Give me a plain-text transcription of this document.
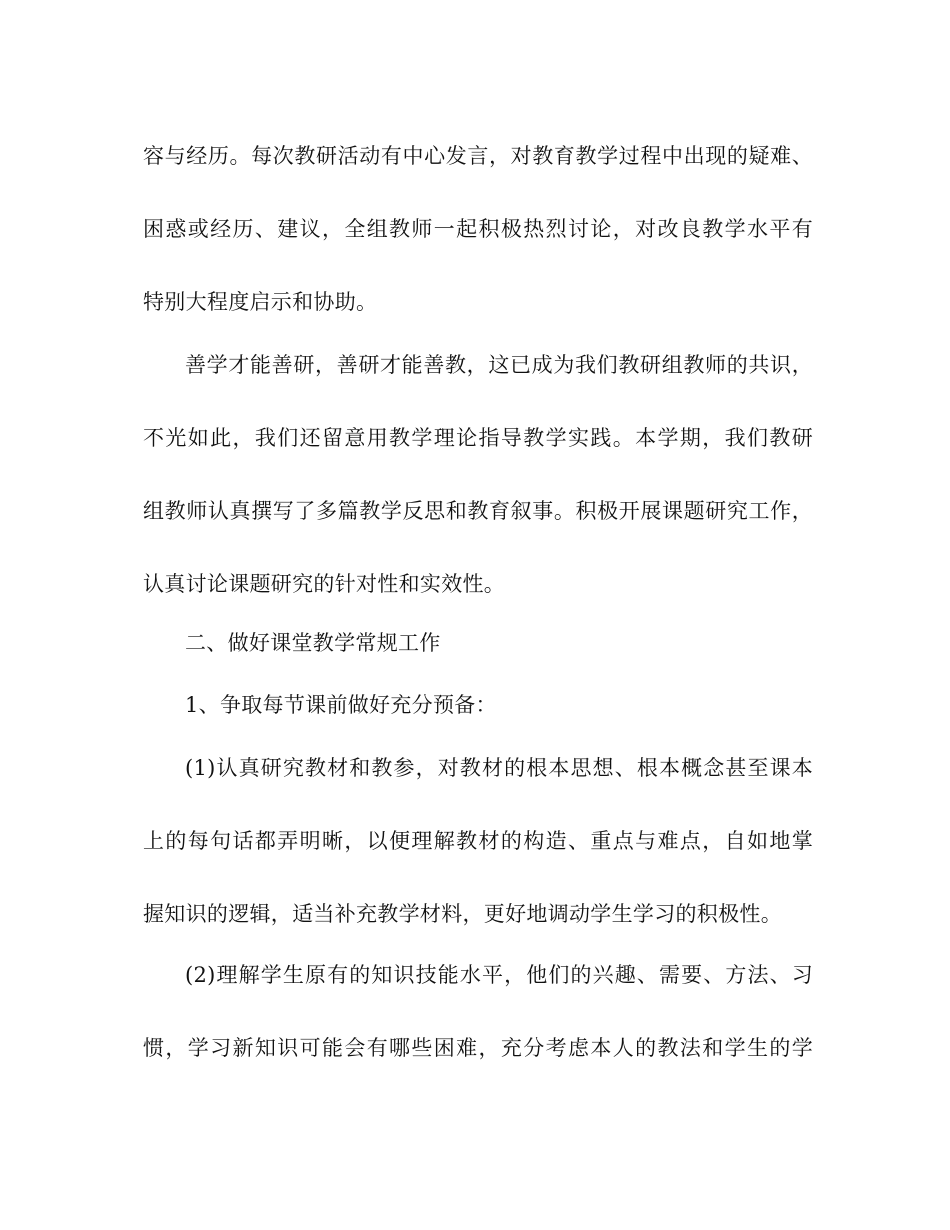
容与经历。每次教研活动有中心发言，对教育教学过程中出现的疑难、
困惑或经历、建议，全组教师一起积极热烈讨论，对改良教学水平有
特别大程度启示和协助。
善学才能善研，善研才能善教，这已成为我们教研组教师的共识，
不光如此，我们还留意用教学理论指导教学实践。本学期，我们教研
组教师认真撰写了多篇教学反思和教育叙事。积极开展课题研究工作，
认真讨论课题研究的针对性和实效性。
二、做好课堂教学常规工作
1、争取每节课前做好充分预备：
(1)认真研究教材和教参，对教材的根本思想、根本概念甚至课本
上的每句话都弄明晰，以便理解教材的构造、重点与难点，自如地掌
握知识的逻辑，适当补充教学材料，更好地调动学生学习的积极性。
(2)理解学生原有的知识技能水平，他们的兴趣、需要、方法、习
惯，学习新知识可能会有哪些困难，充分考虑本人的教法和学生的学
